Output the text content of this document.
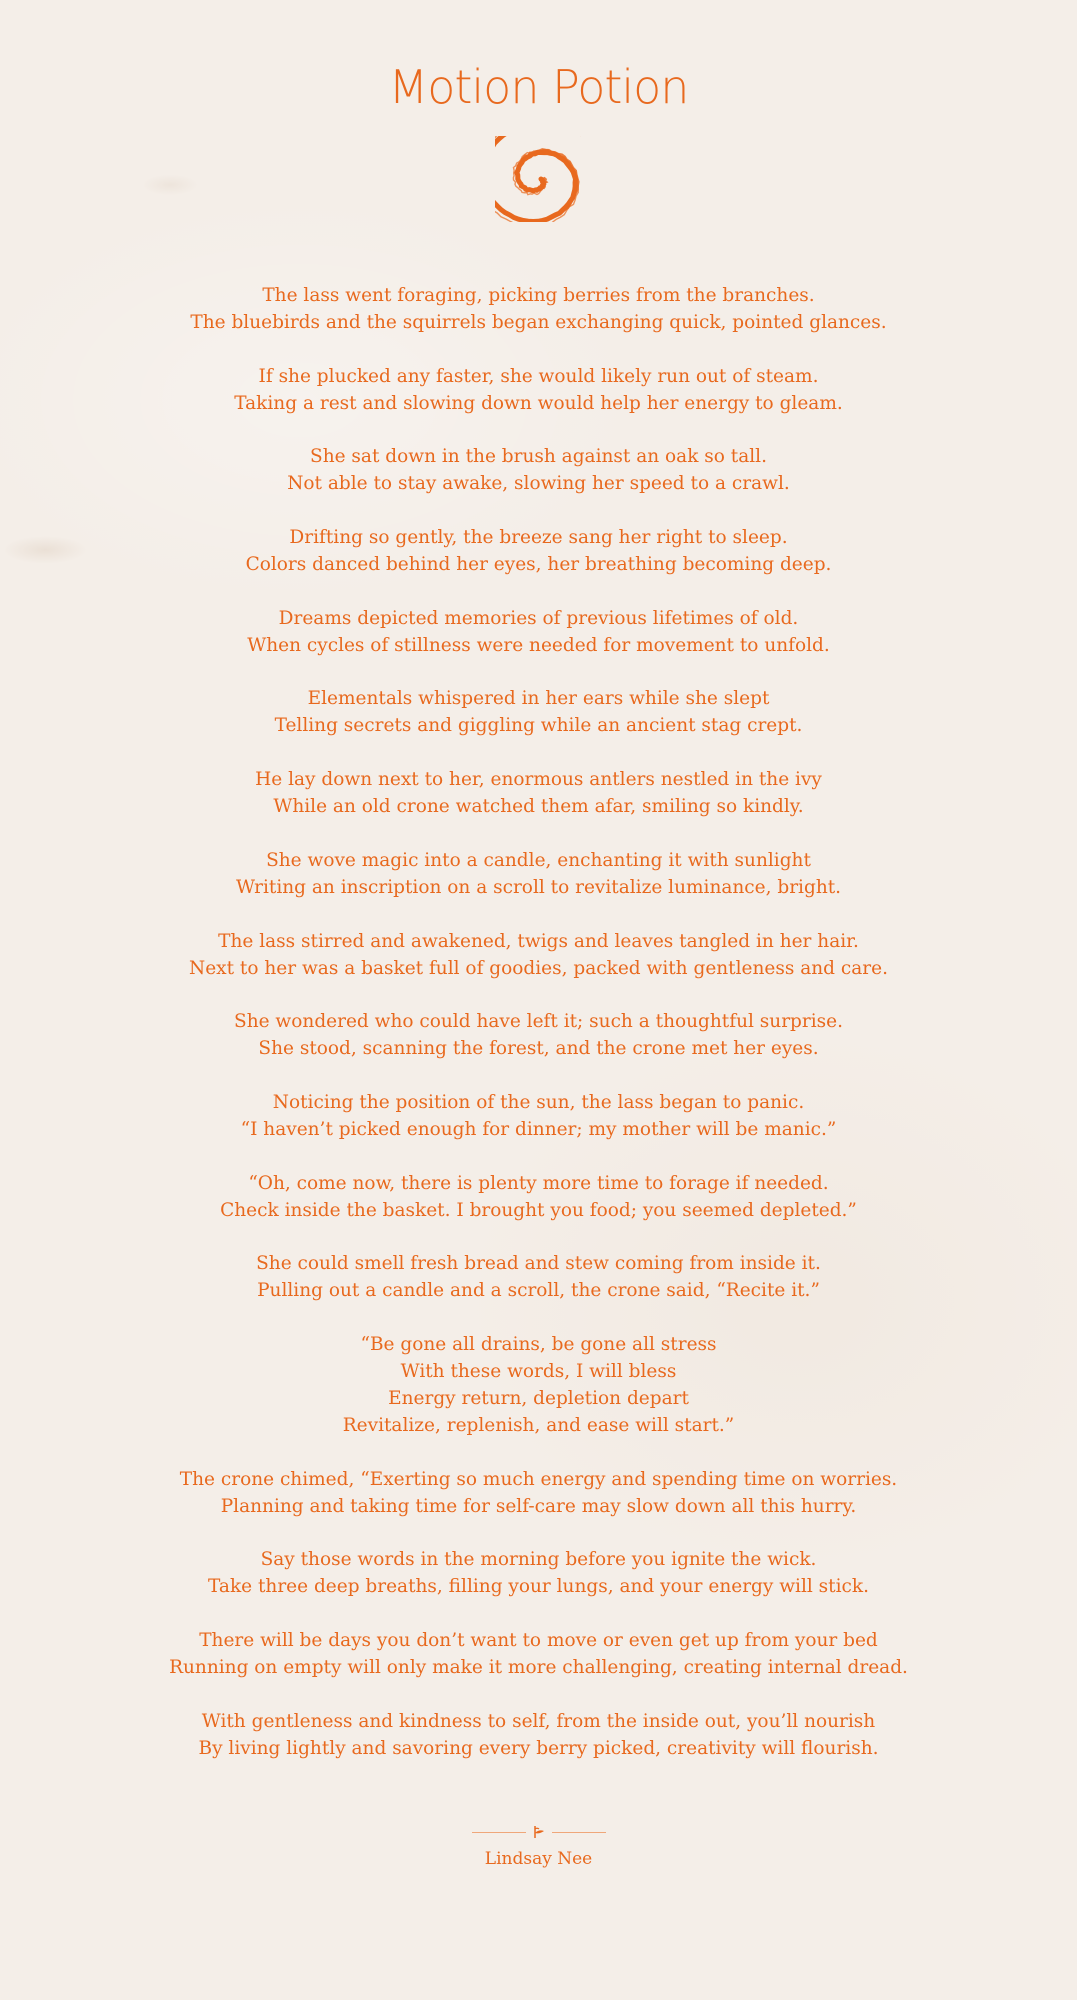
Motion Potion

The lass went foraging, picking berries from the branches.
The bluebirds and the squirrels began exchanging quick, pointed glances.

If she plucked any faster, she would likely run out of steam.
Taking a rest and slowing down would help her energy to gleam.

She sat down in the brush against an oak so tall.
Not able to stay awake, slowing her speed to a crawl.

Drifting so gently, the breeze sang her right to sleep.
Colors danced behind her eyes, her breathing becoming deep.

Dreams depicted memories of previous lifetimes of old.
When cycles of stillness were needed for movement to unfold.

Elementals whispered in her ears while she slept
Telling secrets and giggling while an ancient stag crept.

He lay down next to her, enormous antlers nestled in the ivy
While an old crone watched them afar, smiling so kindly.

She wove magic into a candle, enchanting it with sunlight
Writing an inscription on a scroll to revitalize luminance, bright.

The lass stirred and awakened, twigs and leaves tangled in her hair.
Next to her was a basket full of goodies, packed with gentleness and care.

She wondered who could have left it; such a thoughtful surprise.
She stood, scanning the forest, and the crone met her eyes.

Noticing the position of the sun, the lass began to panic.
“I haven’t picked enough for dinner; my mother will be manic.”

“Oh, come now, there is plenty more time to forage if needed.
Check inside the basket. I brought you food; you seemed depleted.”

She could smell fresh bread and stew coming from inside it.
Pulling out a candle and a scroll, the crone said, “Recite it.”

“Be gone all drains, be gone all stress
With these words, I will bless
Energy return, depletion depart
Revitalize, replenish, and ease will start.”

The crone chimed, “Exerting so much energy and spending time on worries.
Planning and taking time for self-care may slow down all this hurry.

Say those words in the morning before you ignite the wick.
Take three deep breaths, filling your lungs, and your energy will stick.

There will be days you don’t want to move or even get up from your bed
Running on empty will only make it more challenging, creating internal dread.

With gentleness and kindness to self, from the inside out, you’ll nourish
By living lightly and savoring every berry picked, creativity will flourish.

Lindsay Nee
